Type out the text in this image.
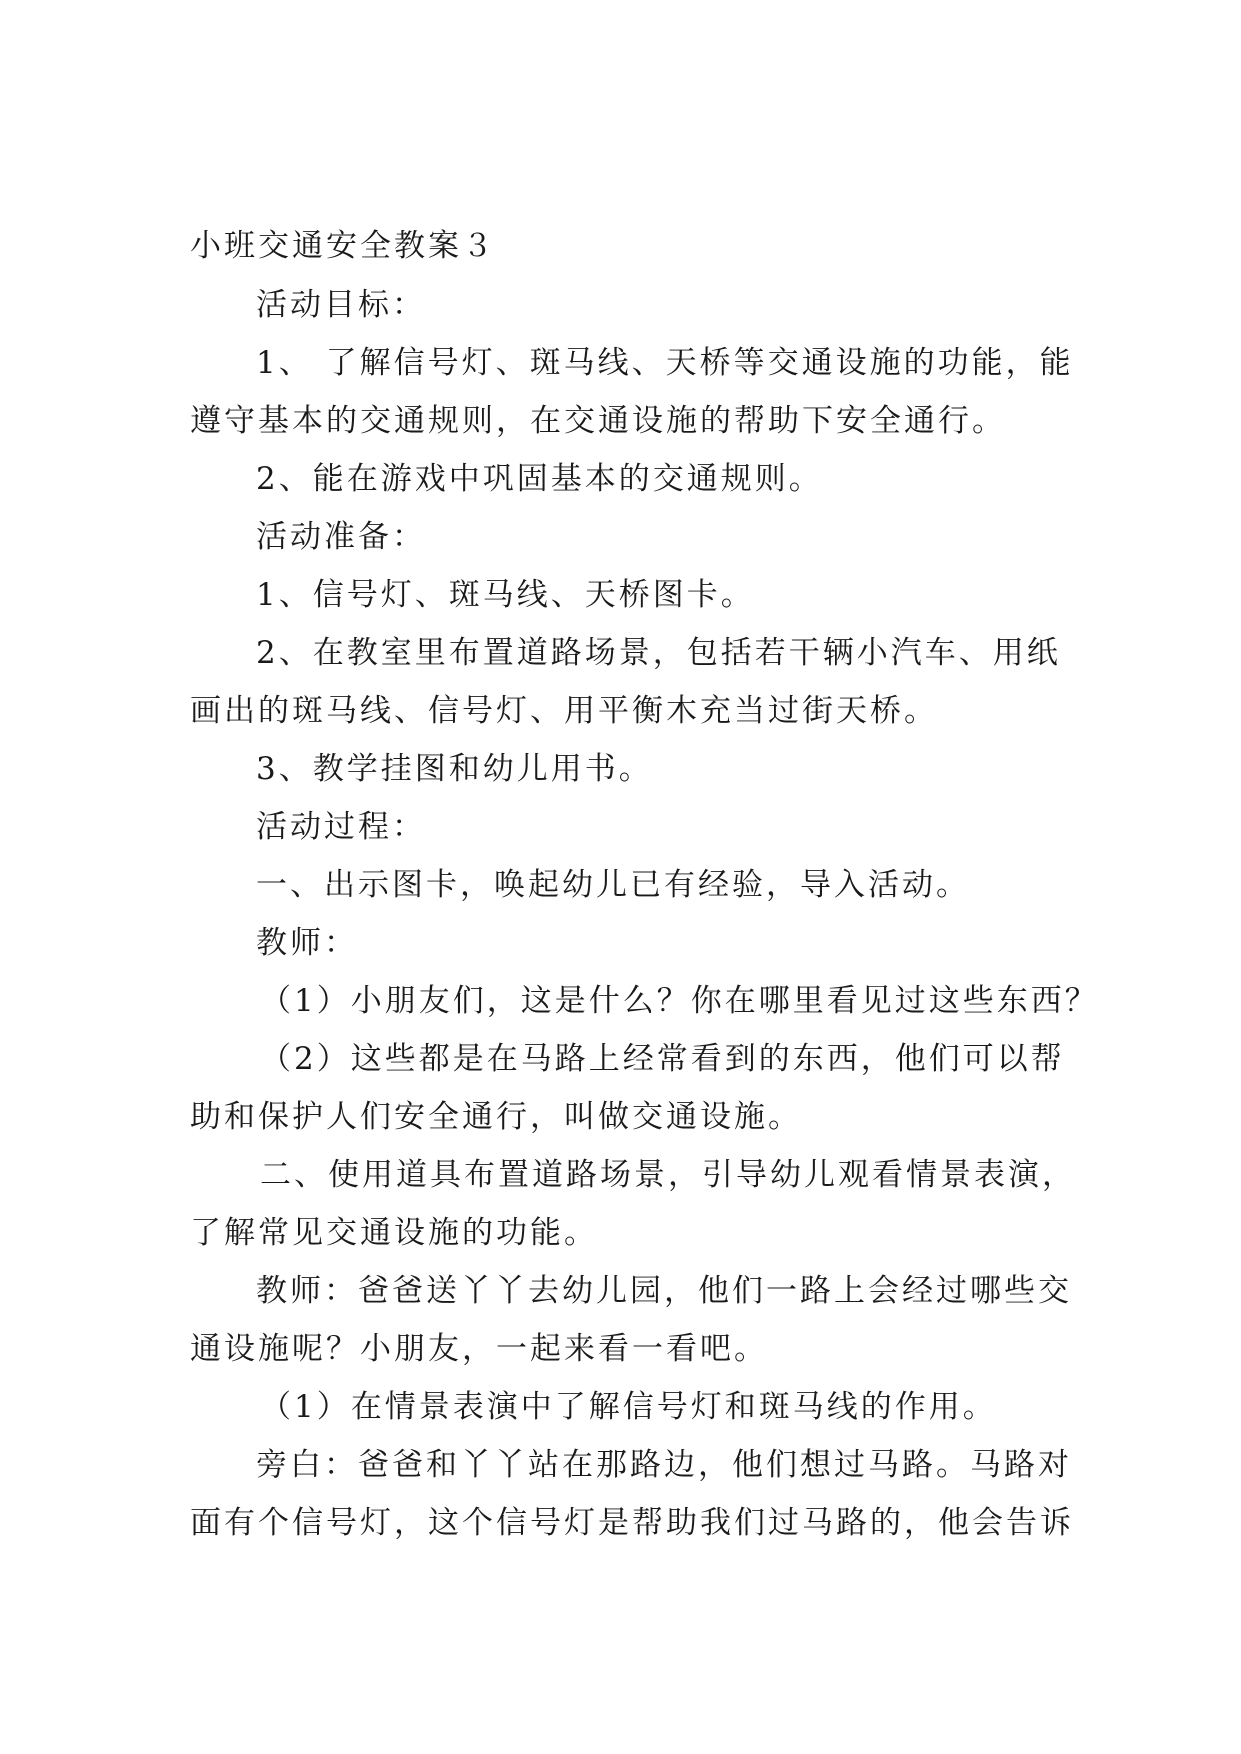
小班交通安全教案３
活动目标：
1、 了解信号灯、斑马线、天桥等交通设施的功能，能
遵守基本的交通规则，在交通设施的帮助下安全通行。
2、能在游戏中巩固基本的交通规则。
活动准备：
1、信号灯、斑马线、天桥图卡。
2、在教室里布置道路场景，包括若干辆小汽车、用纸
画出的斑马线、信号灯、用平衡木充当过街天桥。
3、教学挂图和幼儿用书。
活动过程：
一、出示图卡，唤起幼儿已有经验，导入活动。
教师：
（1）小朋友们，这是什么？你在哪里看见过这些东西？
（2）这些都是在马路上经常看到的东西，他们可以帮
助和保护人们安全通行，叫做交通设施。
二、使用道具布置道路场景，引导幼儿观看情景表演，
了解常见交通设施的功能。
教师：爸爸送丫丫去幼儿园，他们一路上会经过哪些交
通设施呢？小朋友，一起来看一看吧。
（1）在情景表演中了解信号灯和斑马线的作用。
旁白：爸爸和丫丫站在那路边，他们想过马路。马路对
面有个信号灯，这个信号灯是帮助我们过马路的，他会告诉
